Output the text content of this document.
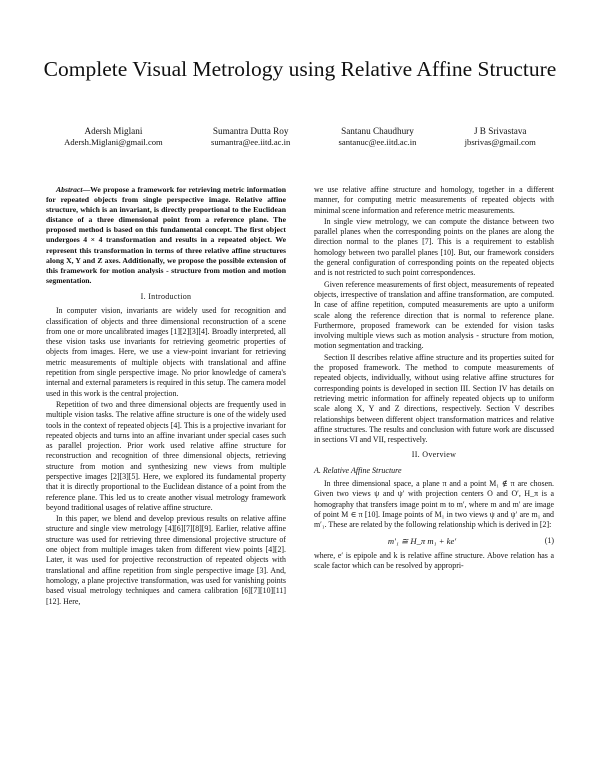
Complete Visual Metrology using Relative Affine Structure
Adersh Miglani
Adersh.Miglani@gmail.com
Sumantra Dutta Roy
sumantra@ee.iitd.ac.in
Santanu Chaudhury
santanuc@ee.iitd.ac.in
J B Srivastava
jbsrivas@gmail.com

Abstract—We propose a framework for retrieving metric information for repeated objects from single perspective image. Relative affine structure, which is an invariant, is directly proportional to the Euclidean distance of a three dimensional point from a reference plane. The proposed method is based on this fundamental concept. The first object undergoes 4 × 4 transformation and results in a repeated object. We represent this transformation in terms of three relative affine structures along X, Y and Z axes. Additionally, we propose the possible extension of this framework for motion analysis - structure from motion and motion segmentation.

I. Introduction

In computer vision, invariants are widely used for recognition and classification of objects and three dimensional reconstruction of a scene from one or more uncalibrated images [1][2][3][4]. Broadly interpreted, all these vision tasks use invariants for retrieving geometric properties of objects from images. Here, we use a view-point invariant for retrieving metric measurements of multiple objects with translational and affine repetition from single perspective image. No prior knowledge of camera's internal and external parameters is required in this setup. The camera model used in this work is the central projection.

Repetition of two and three dimensional objects are frequently used in multiple vision tasks. The relative affine structure is one of the widely used tools in the context of repeated objects [4]. This is a projective invariant for repeated objects and turns into an affine invariant under special cases such as parallel projection. Prior work used relative affine structure for reconstruction and recognition of three dimensional objects, retrieving structure from motion and synthesizing new views from multiple perspective images [2][3][5]. Here, we explored its fundamental property that it is directly proportional to the Euclidean distance of a point from the reference plane. This led us to create another visual metrology framework beyond traditional usages of relative affine structure.

In this paper, we blend and develop previous results on relative affine structure and single view metrology [4][6][7][8][9]. Earlier, relative affine structure was used for retrieving three dimensional projective structure of one object from multiple images taken from different view points [4][2]. Later, it was used for projective reconstruction of repeated objects with translational and affine repetition from single perspective image [3]. And, homology, a plane projective transformation, was used for vanishing points based visual metrology techniques and camera calibration [6][7][10][11][12]. Here,

we use relative affine structure and homology, together in a different manner, for computing metric measurements of repeated objects with minimal scene information and reference metric measurements.

In single view metrology, we can compute the distance between two parallel planes when the corresponding points on the planes are along the direction normal to the planes [7]. This is a requirement to establish homology between two parallel planes [10]. But, our framework considers the general configuration of corresponding points on the repeated objects and is not restricted to such point correspondences.

Given reference measurements of first object, measurements of repeated objects, irrespective of translation and affine transformation, are computed. In case of affine repetition, computed measurements are upto a uniform scale along the reference direction that is normal to reference plane. Furthermore, proposed framework can be extended for vision tasks involving multiple views such as motion analysis - structure from motion, motion segmentation and tracking.

Section II describes relative affine structure and its properties suited for the proposed framework. The method to compute measurements of repeated objects, individually, without using relative affine structures for corresponding points is developed in section III. Section IV has details on retrieving metric information for affinely repeated objects up to uniform scale along X, Y and Z directions, respectively. Section V describes relationships between different object transformation matrices and relative affine structures. The results and conclusion with future work are discussed in sections VI and VII, respectively.

II. Overview
A. Relative Affine Structure

In three dimensional space, a plane π and a point M₁ ∉ π are chosen. Given two views ψ and ψ′ with projection centers O and O′, H_π is a homography that transfers image point m to m′, where m and m′ are image of point M ∈ π [10]. Image points of M₁ in two views ψ and ψ′ are m₁ and m′₁. These are related by the following relationship which is derived in [2]:

m′₁ ≅ H_π m₁ + ke′	(1)

where, e′ is epipole and k is relative affine structure. Above relation has a scale factor which can be resolved by appropri-
